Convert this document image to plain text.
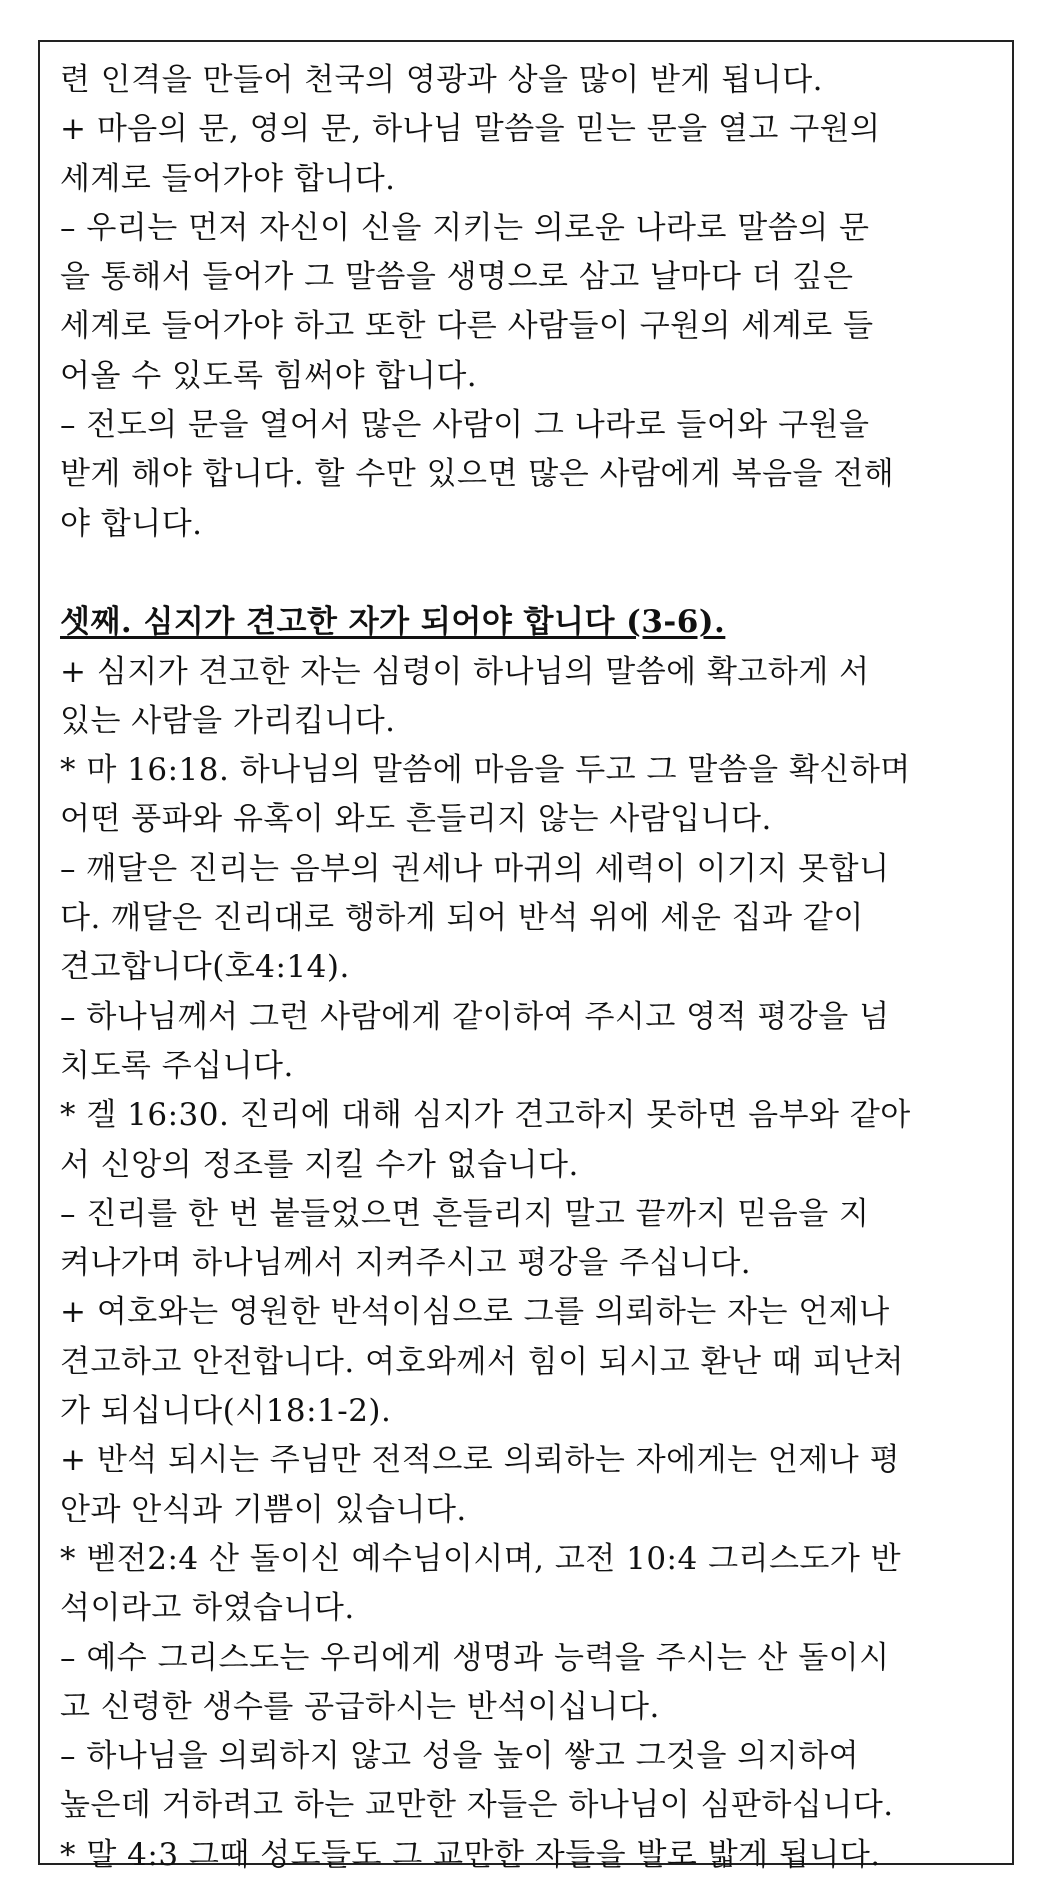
련 인격을 만들어 천국의 영광과 상을 많이 받게 됩니다.
+ 마음의 문, 영의 문, 하나님 말씀을 믿는 문을 열고 구원의
세계로 들어가야 합니다.
– 우리는 먼저 자신이 신을 지키는 의로운 나라로 말씀의 문
을 통해서 들어가 그 말씀을 생명으로 삼고 날마다 더 깊은
세계로 들어가야 하고 또한 다른 사람들이 구원의 세계로 들
어올 수 있도록 힘써야 합니다.
– 전도의 문을 열어서 많은 사람이 그 나라로 들어와 구원을
받게 해야 합니다. 할 수만 있으면 많은 사람에게 복음을 전해
야 합니다.
셋째. 심지가 견고한 자가 되어야 합니다 (3-6).
+ 심지가 견고한 자는 심령이 하나님의 말씀에 확고하게 서
있는 사람을 가리킵니다.
* 마 16:18. 하나님의 말씀에 마음을 두고 그 말씀을 확신하며
어떤 풍파와 유혹이 와도 흔들리지 않는 사람입니다.
– 깨달은 진리는 음부의 권세나 마귀의 세력이 이기지 못합니
다. 깨달은 진리대로 행하게 되어 반석 위에 세운 집과 같이
견고합니다(호4:14).
– 하나님께서 그런 사람에게 같이하여 주시고 영적 평강을 넘
치도록 주십니다.
* 겔 16:30. 진리에 대해 심지가 견고하지 못하면 음부와 같아
서 신앙의 정조를 지킬 수가 없습니다.
– 진리를 한 번 붙들었으면 흔들리지 말고 끝까지 믿음을 지
켜나가며 하나님께서 지켜주시고 평강을 주십니다.
+ 여호와는 영원한 반석이심으로 그를 의뢰하는 자는 언제나
견고하고 안전합니다. 여호와께서 힘이 되시고 환난 때 피난처
가 되십니다(시18:1-2).
+ 반석 되시는 주님만 전적으로 의뢰하는 자에게는 언제나 평
안과 안식과 기쁨이 있습니다.
* 벧전2:4 산 돌이신 예수님이시며, 고전 10:4 그리스도가 반
석이라고 하였습니다.
– 예수 그리스도는 우리에게 생명과 능력을 주시는 산 돌이시
고 신령한 생수를 공급하시는 반석이십니다.
– 하나님을 의뢰하지 않고 성을 높이 쌓고 그것을 의지하여
높은데 거하려고 하는 교만한 자들은 하나님이 심판하십니다.
* 말 4:3 그때 성도들도 그 교만한 자들을 발로 밟게 됩니다.
